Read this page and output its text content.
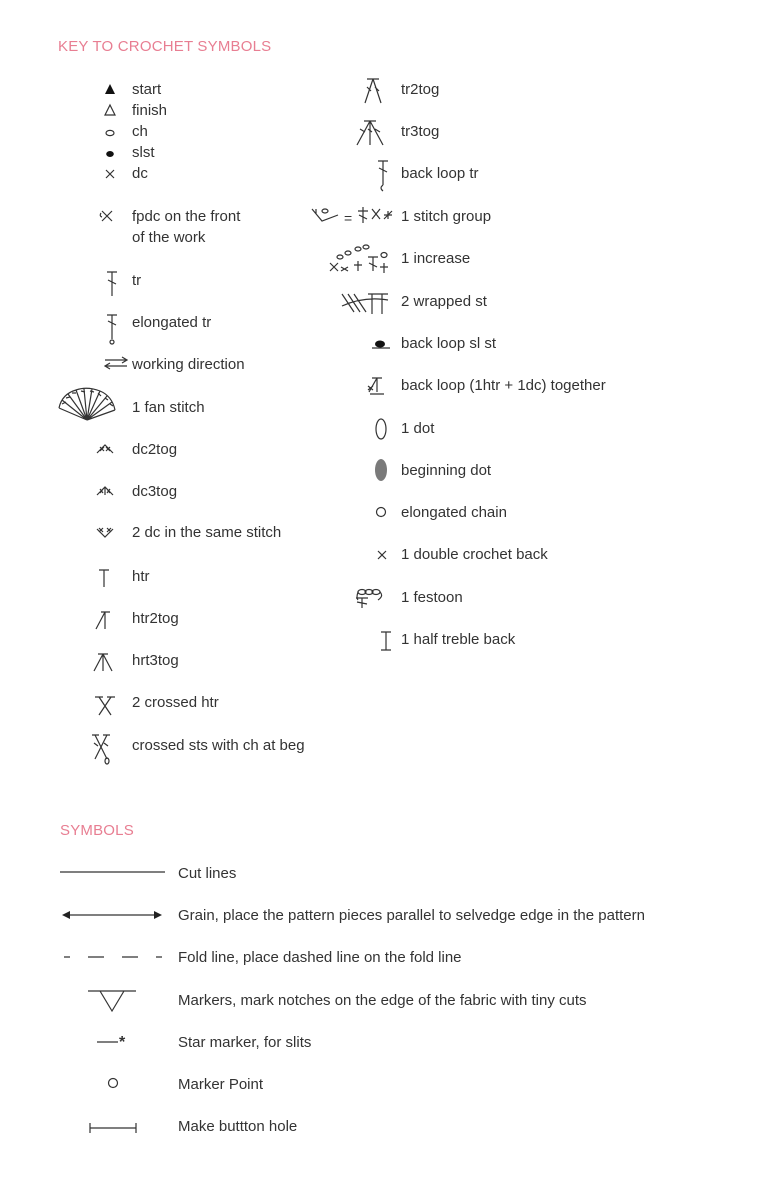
KEY TO CROCHET SYMBOLS
SYMBOLS
start
finish
ch
slst
dc
fpdc on the front
of the work
tr
elongated tr
working direction
1 fan stitch
dc2tog
dc3tog
2 dc in the same stitch
htr
htr2tog
hrt3tog
2 crossed htr
crossed sts with ch at beg
tr2tog
tr3tog
back loop tr
=	1 stitch group
1 increase
2 wrapped st
back loop sl st
back loop (1htr + 1dc) together
1 dot
beginning dot
elongated chain
1 double crochet back
1 festoon
1 half treble back
Cut lines
Grain, place the pattern pieces parallel to selvedge edge in the pattern
Fold line, place dashed line on the fold line
Markers, mark notches on the edge of the fabric with tiny cuts
*	Star marker, for slits
Marker Point
Make buttton hole
